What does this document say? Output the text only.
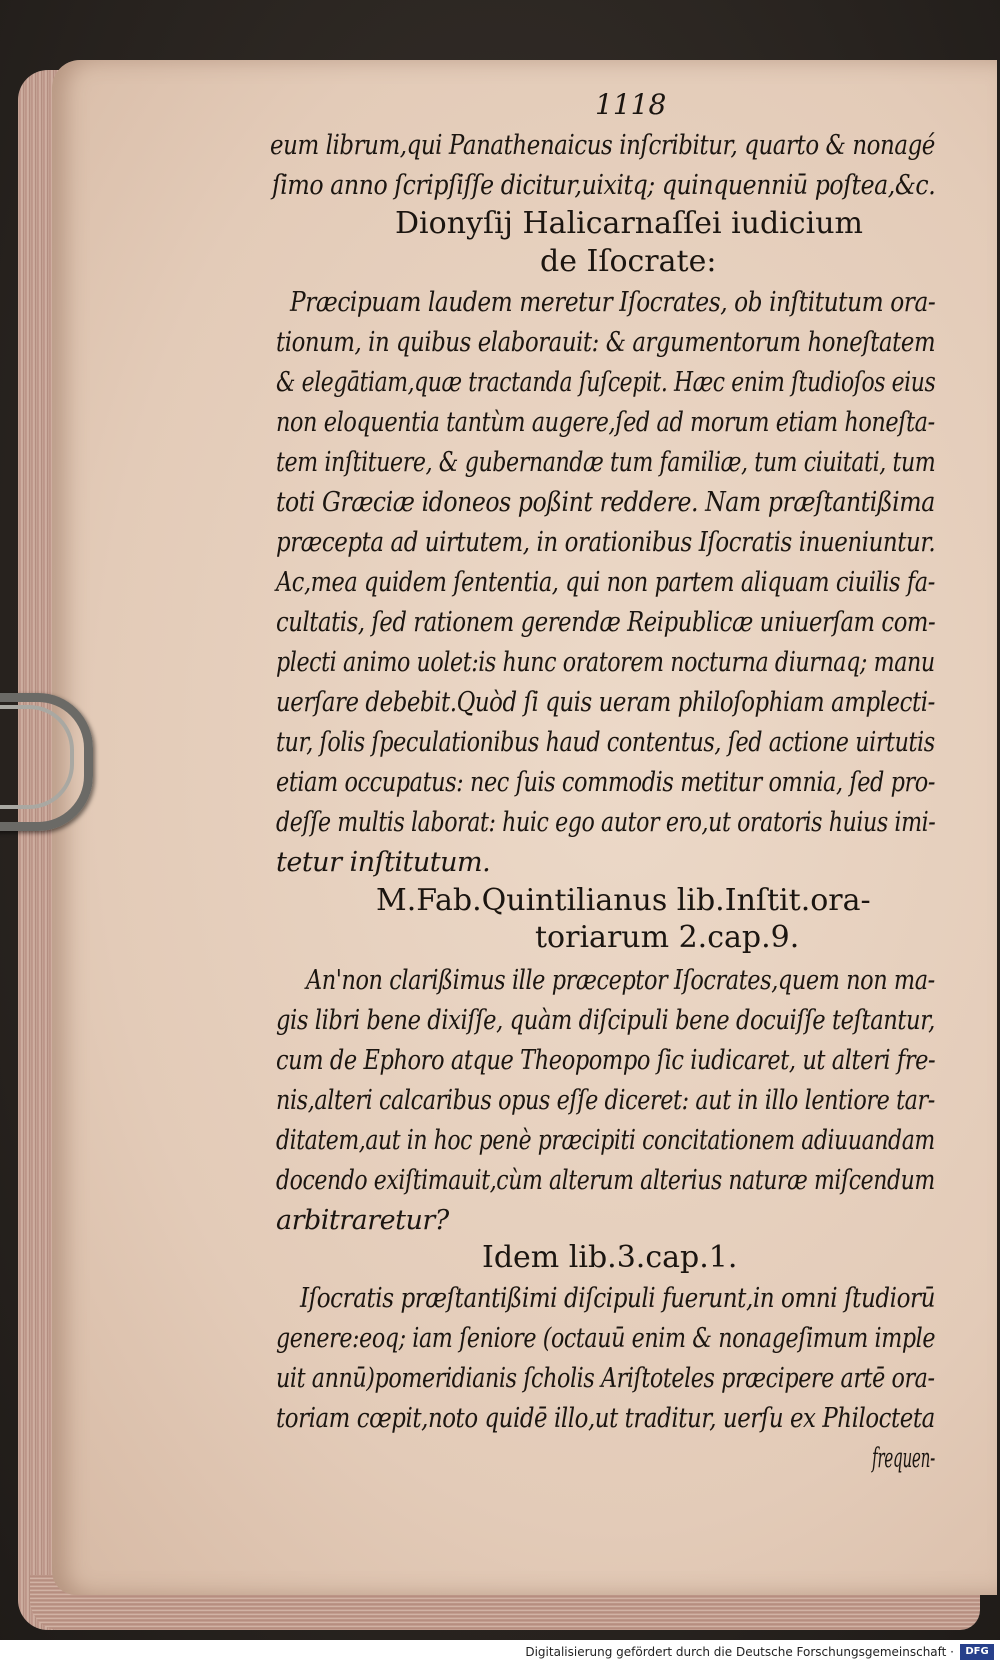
1118
eum librum,qui Panathenaicus inſcribitur, quarto & nonagé
ſimo anno ſcripſiſſe dicitur,uixitq; quinquenniū poſtea,&c.
Dionyſij Halicarnaſſei iudicium
de Iſocrate:
Præcipuam laudem meretur Iſocrates, ob inſtitutum ora-
tionum, in quibus elaborauit: & argumentorum honeſtatem
& elegātiam,quæ tractanda ſuſcepit. Hæc enim ſtudioſos eius
non eloquentia tantùm augere,ſed ad morum etiam honeſta-
tem inſtituere, & gubernandæ tum familiæ, tum ciuitati, tum
toti Græciæ idoneos poßint reddere. Nam præſtantißima
præcepta ad uirtutem, in orationibus Iſocratis inueniuntur.
Ac,mea quidem ſententia, qui non partem aliquam ciuilis fa-
cultatis, ſed rationem gerendæ Reipublicæ uniuerſam com-
plecti animo uolet:is hunc oratorem nocturna diurnaq; manu
uerſare debebit.Quòd ſi quis ueram philoſophiam amplecti-
tur, ſolis ſpeculationibus haud contentus, ſed actione uirtutis
etiam occupatus: nec ſuis commodis metitur omnia, ſed pro-
deſſe multis laborat: huic ego autor ero,ut oratoris huius imi-
tetur inſtitutum.
M.Fab.Quintilianus lib.Inſtit.ora-
toriarum 2.cap.9.
An'non clarißimus ille præceptor Iſocrates,quem non ma-
gis libri bene dixiſſe, quàm diſcipuli bene docuiſſe teſtantur,
cum de Ephoro atque Theopompo ſic iudicaret, ut alteri fre-
nis,alteri calcaribus opus eſſe diceret: aut in illo lentiore tar-
ditatem,aut in hoc penè præcipiti concitationem adiuuandam
docendo exiſtimauit,cùm alterum alterius naturæ miſcendum
arbitraretur?
Idem lib.3.cap.1.
Iſocratis præſtantißimi diſcipuli fuerunt,in omni ſtudiorū
genere:eoq; iam ſeniore (octauū enim & nonageſimum imple
uit annū)pomeridianis ſcholis Ariſtoteles præcipere artē ora-
toriam cœpit,noto quidē illo,ut traditur, uerſu ex Philocteta
frequen-
Digitalisierung gefördert durch die Deutsche Forschungsgemeinschaft ·	DFG
